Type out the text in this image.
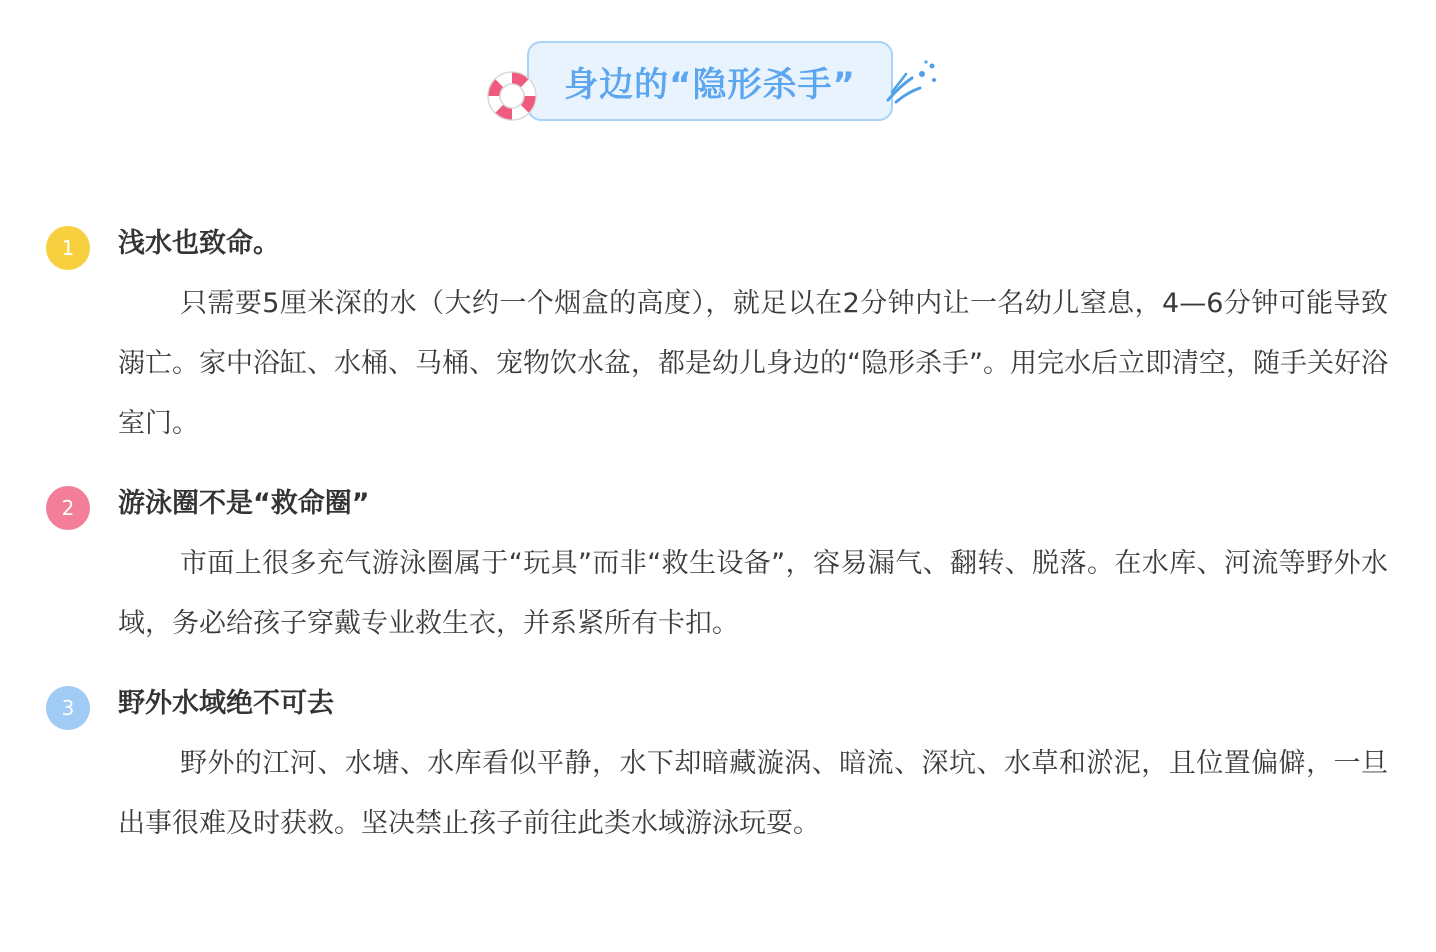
身边的“隐形杀手”
1	浅水也致命。

只需要5厘米深的水（大约一个烟盒的高度），就足以在2分钟内让一名幼儿窒息，4—6分钟可能导致溺亡。家中浴缸、水桶、马桶、宠物饮水盆，都是幼儿身边的“隐形杀手”。用完水后立即清空，随手关好浴室门。

2	游泳圈不是“救命圈”

市面上很多充气游泳圈属于“玩具”而非“救生设备”，容易漏气、翻转、脱落。在水库、河流等野外水域，务必给孩子穿戴专业救生衣，并系紧所有卡扣。

3	野外水域绝不可去

野外的江河、水塘、水库看似平静，水下却暗藏漩涡、暗流、深坑、水草和淤泥，且位置偏僻，一旦出事很难及时获救。坚决禁止孩子前往此类水域游泳玩耍。
